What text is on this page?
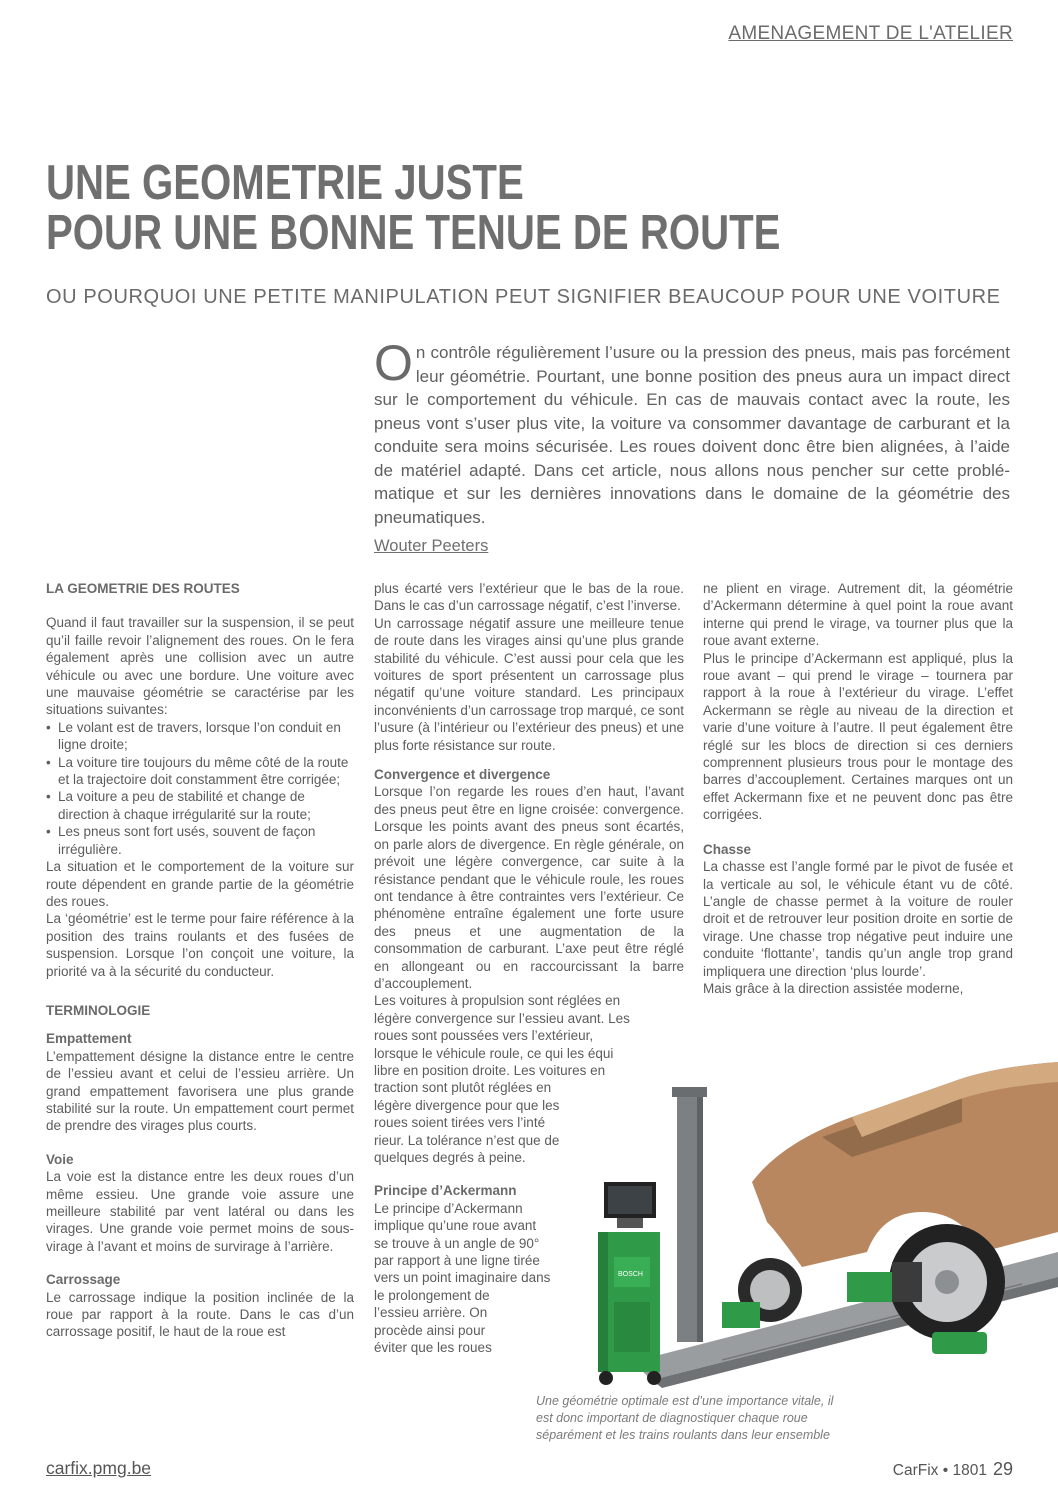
AMENAGEMENT DE L'ATELIER
UNE GEOMETRIE JUSTE
POUR UNE BONNE TENUE DE ROUTE
OU POURQUOI UNE PETITE MANIPULATION PEUT SIGNIFIER BEAUCOUP POUR UNE VOITURE
On contrôle régulièrement l’usure ou la pression des pneus, mais pas forcément leur géométrie. Pourtant, une bonne position des pneus aura un impact direct sur le comportement du véhicule. En cas de mauvais contact avec la route, les pneus vont s’user plus vite, la voiture va consommer davantage de carburant et la conduite sera moins sécurisée. Les roues doivent donc être bien alignées, à l’aide de matériel adapté. Dans cet article, nous allons nous pencher sur cette problématique et sur les dernières innovations dans le domaine de la géométrie des pneumatiques.
Wouter Peeters

LA GEOMETRIE DES ROUTES

Quand il faut travailler sur la suspension, il se peut qu’il faille revoir l’alignement des roues. On le fera également après une collision avec un autre véhicule ou avec une bordure. Une voiture avec une mauvaise géométrie se caractérise par les situations suivantes:

• Le volant est de travers, lorsque l’on conduit en ligne droite;
• La voiture tire toujours du même côté de la route et la trajectoire doit constamment être corrigée;
• La voiture a peu de stabilité et change de direction à chaque irrégularité sur la route;
• Les pneus sont fort usés, souvent de façon irrégulière.

La situation et le comportement de la voiture sur route dépendent en grande partie de la géométrie des roues.

La ‘géométrie’ est le terme pour faire référence à la position des trains roulants et des fusées de suspension. Lorsque l’on conçoit une voiture, la priorité va à la sécurité du conducteur.

TERMINOLOGIE

Empattement

L’empattement désigne la distance entre le centre de l’essieu avant et celui de l’essieu arrière. Un grand empattement favorisera une plus grande stabilité sur la route. Un empattement court permet de prendre des virages plus courts.

Voie

La voie est la distance entre les deux roues d’un même essieu. Une grande voie assure une meilleure stabilité par vent latéral ou dans les virages. Une grande voie permet moins de sous-virage à l’avant et moins de survirage à l’arrière.

Carrossage

Le carrossage indique la position inclinée de la roue par rapport à la route. Dans le cas d’un carrossage positif, le haut de la roue est

plus écarté vers l’extérieur que le bas de la roue. Dans le cas d’un carrossage négatif, c’est l’inverse.

Un carrossage négatif assure une meilleure tenue de route dans les virages ainsi qu’une plus grande stabilité du véhicule. C’est aussi pour cela que les voitures de sport présentent un carrossage plus négatif qu’une voiture standard. Les principaux inconvénients d’un carrossage trop marqué, ce sont l’usure (à l’intérieur ou l’extérieur des pneus) et une plus forte résistance sur route.

Convergence et divergence

Lorsque l’on regarde les roues d’en haut, l’avant des pneus peut être en ligne croisée: convergence. Lorsque les points avant des pneus sont écartés, on parle alors de divergence. En règle générale, on prévoit une légère convergence, car suite à la résistance pendant que le véhicule roule, les roues ont tendance à être contraintes vers l’extérieur. Ce phénomène entraîne également une forte usure des pneus et une augmentation de la consommation de carburant. L’axe peut être réglé en allongeant ou en raccourcissant la barre d’accouplement.

Les voitures à propulsion sont réglées en
légère convergence sur l’essieu avant. Les
roues sont poussées vers l’extérieur,
lorsque le véhicule roule, ce qui les équi
libre en position droite. Les voitures en
traction sont plutôt réglées en
légère divergence pour que les
roues soient tirées vers l’inté
rieur. La tolérance n’est que de
quelques degrés à peine.

Principe d’Ackermann

Le principe d’Ackermann
implique qu’une roue avant
se trouve à un angle de 90°
par rapport à une ligne tirée
vers un point imaginaire dans
le prolongement de
l’essieu arrière. On
procède ainsi pour
éviter que les roues

ne plient en virage. Autrement dit, la géométrie d’Ackermann détermine à quel point la roue avant interne qui prend le virage, va tourner plus que la roue avant externe.

Plus le principe d’Ackermann est appliqué, plus la roue avant – qui prend le virage – tournera par rapport à la roue à l’extérieur du virage. L’effet Ackermann se règle au niveau de la direction et varie d’une voiture à l’autre. Il peut également être réglé sur les blocs de direction si ces derniers comprennent plusieurs trous pour le montage des barres d’accouplement. Certaines marques ont un effet Ackermann fixe et ne peuvent donc pas être corrigées.

Chasse

La chasse est l’angle formé par le pivot de fusée et la verticale au sol, le véhicule étant vu de côté. L’angle de chasse permet à la voiture de rouler droit et de retrouver leur position droite en sortie de virage. Une chasse trop négative peut induire une conduite ‘flottante’, tandis qu’un angle trop grand impliquera une direction ‘plus lourde’.

Mais grâce à la direction assistée moderne,

BOSCH
Une géométrie optimale est d’une importance vitale, il est donc important de diagnostiquer chaque roue séparément et les trains roulants dans leur ensemble
carfix.pmg.be	CarFix • 1801 29
